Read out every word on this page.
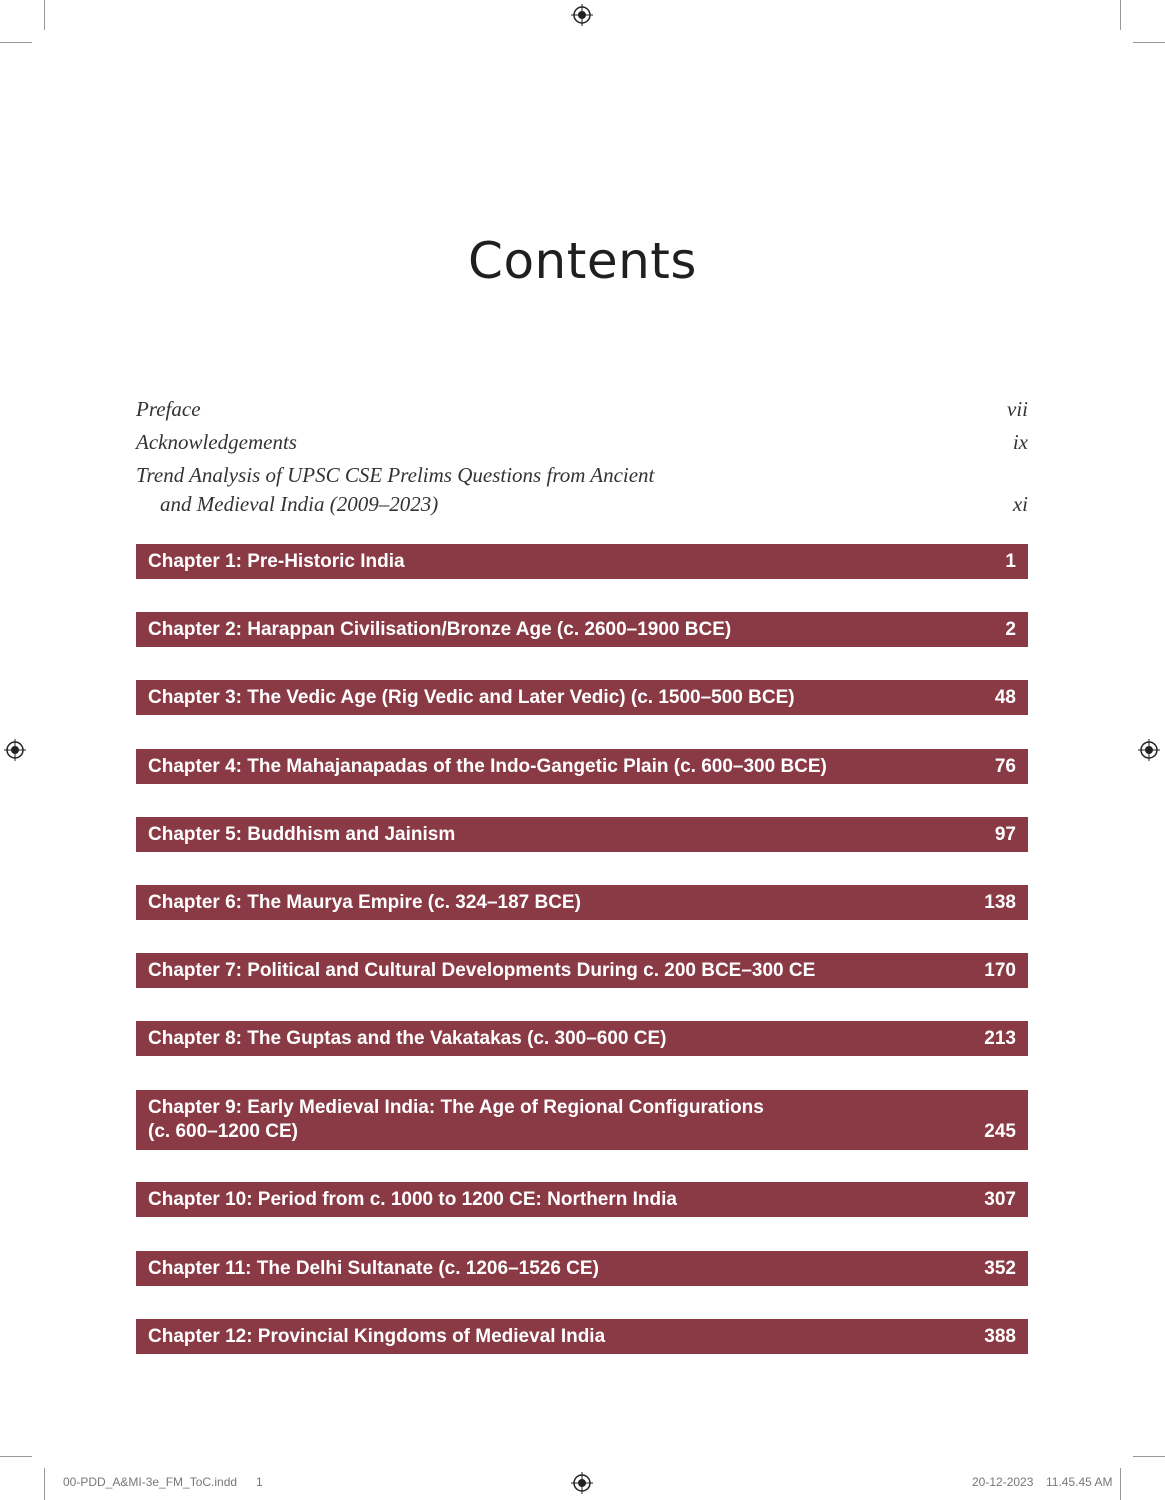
Contents
Preface	vii
Acknowledgements	ix
Trend Analysis of UPSC CSE Prelims Questions from Ancient
and Medieval India (2009–2023)	xi
Chapter 1: Pre-Historic India	1
Chapter 2: Harappan Civilisation/Bronze Age (c. 2600–1900 BCE)	2
Chapter 3: The Vedic Age (Rig Vedic and Later Vedic) (c. 1500–500 BCE)	48
Chapter 4: The Mahajanapadas of the Indo-Gangetic Plain (c. 600–300 BCE)	76
Chapter 5: Buddhism and Jainism	97
Chapter 6: The Maurya Empire (c. 324–187 BCE)	138
Chapter 7: Political and Cultural Developments During c. 200 BCE–300 CE	170
Chapter 8: The Guptas and the Vakatakas (c. 300–600 CE)	213
Chapter 9: Early Medieval India: The Age of Regional Configurations
(c. 600–1200 CE)	245
Chapter 10: Period from c. 1000 to 1200 CE: Northern India	307
Chapter 11: The Delhi Sultanate (c. 1206–1526 CE)	352
Chapter 12: Provincial Kingdoms of Medieval India	388
00-PDD_A&MI-3e_FM_ToC.indd 1	20-12-2023 11.45.45 AM
